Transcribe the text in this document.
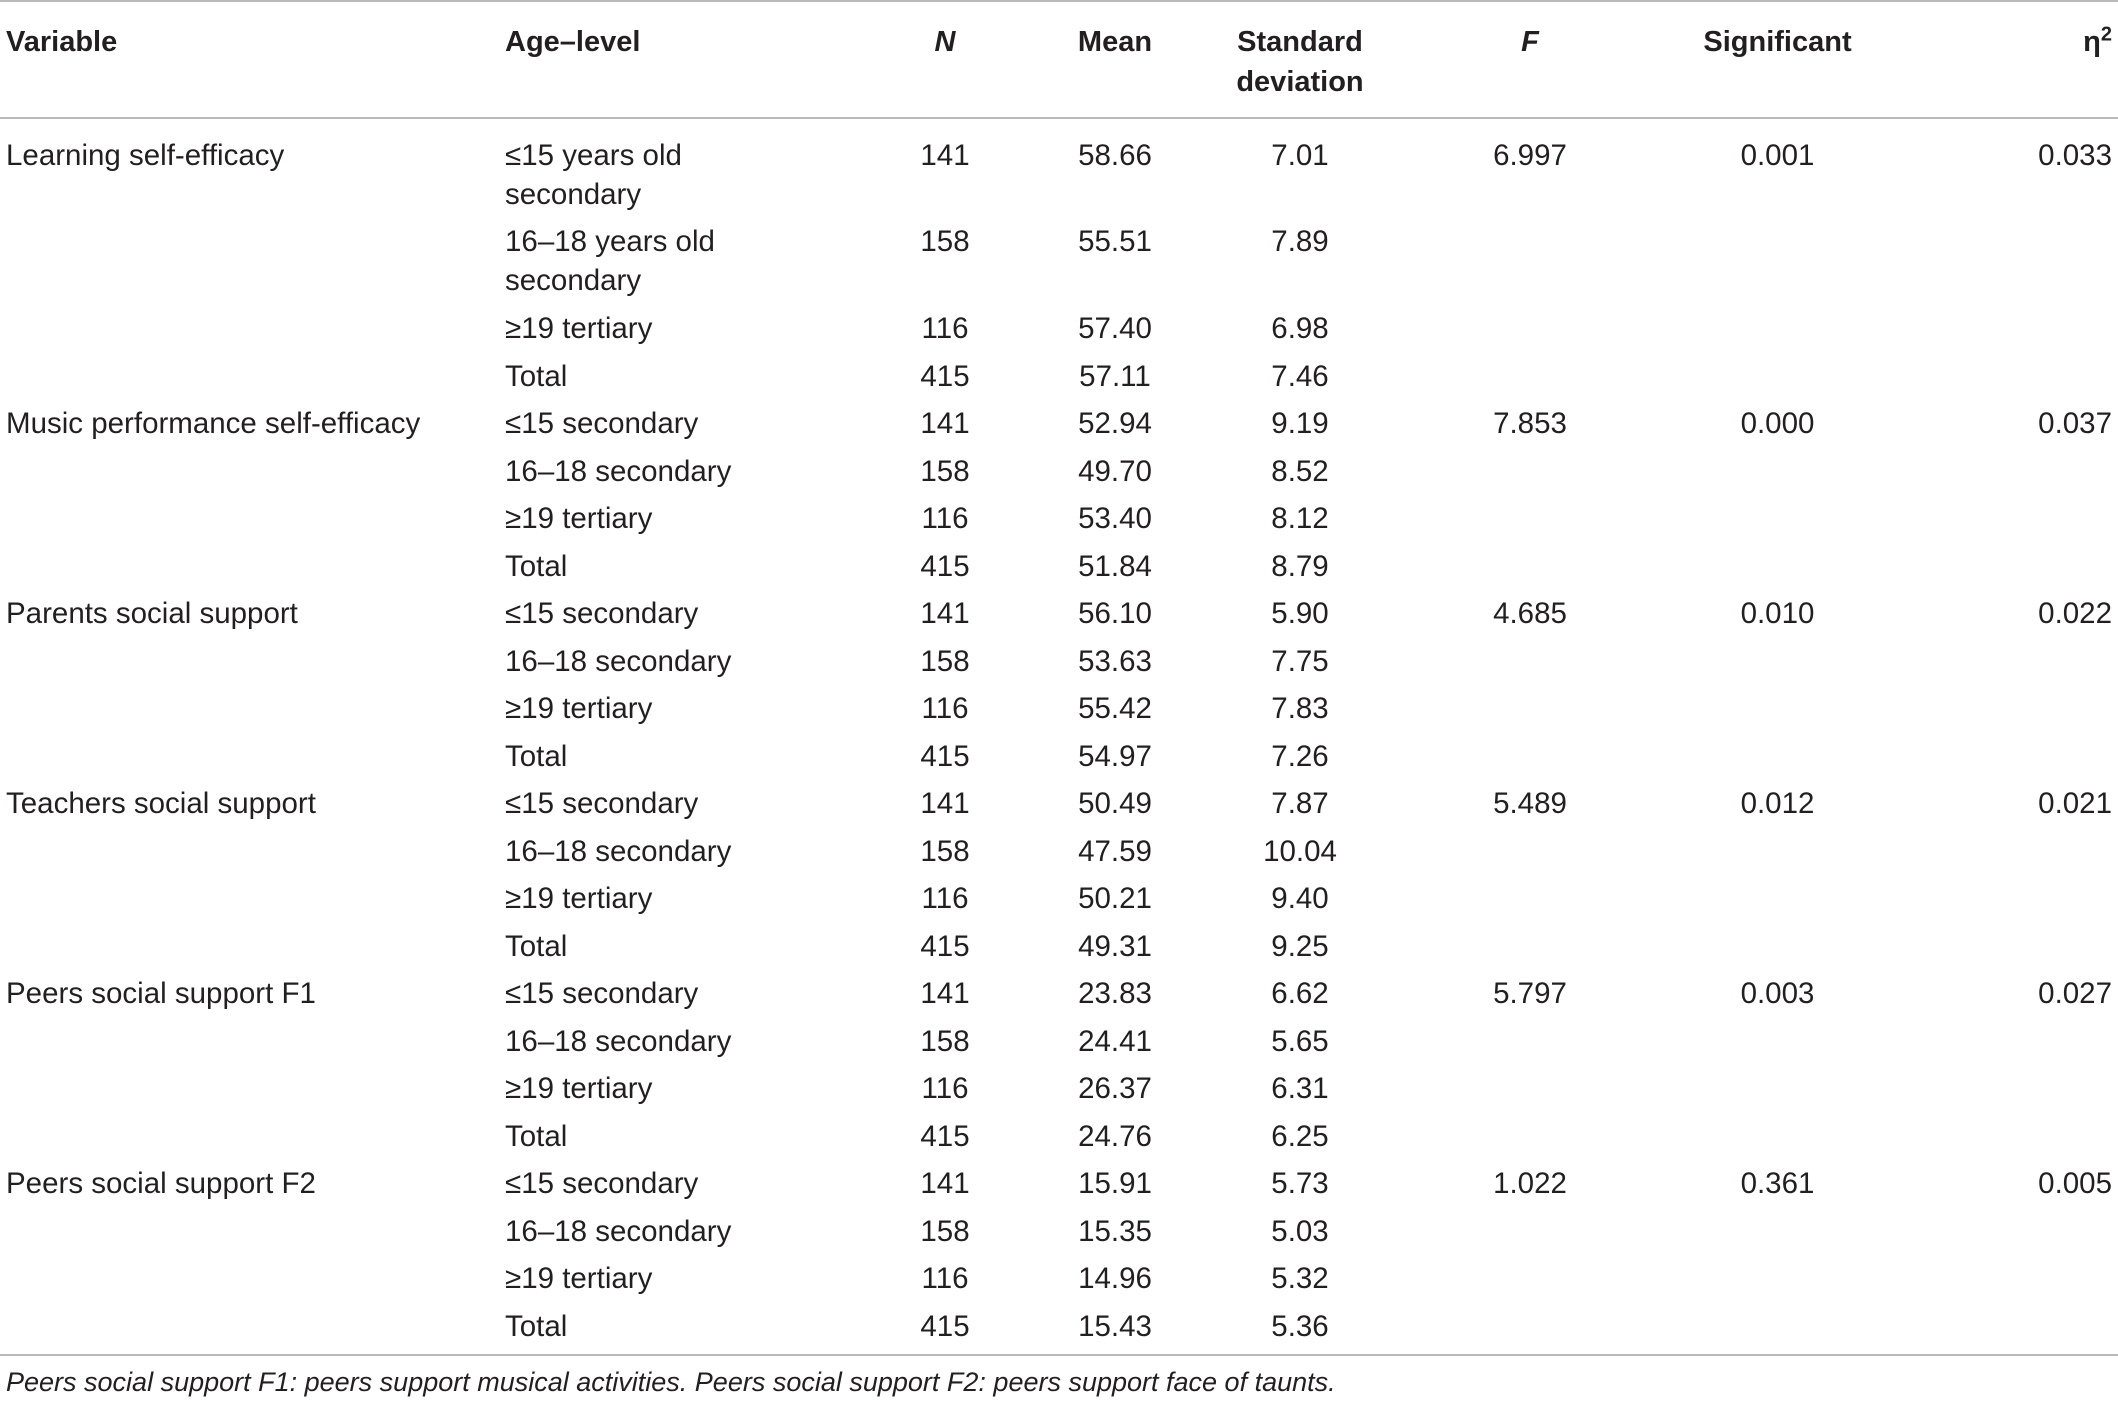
Variable	Age–level	N	Mean	Standard
deviation	F	Significant	$\eta^2$
Learning self-efficacy	≤15 years old
secondary	141	58.66	7.01	6.997	0.001	0.033

	16–18 years old
secondary	158	55.51	7.89			

	≥19 tertiary	116	57.40	6.98			

	Total	415	57.11	7.46			
Music performance self-efficacy	≤15 secondary	141	52.94	9.19	7.853	0.000	0.037

	16–18 secondary	158	49.70	8.52			

	≥19 tertiary	116	53.40	8.12			

	Total	415	51.84	8.79			
Parents social support	≤15 secondary	141	56.10	5.90	4.685	0.010	0.022

	16–18 secondary	158	53.63	7.75			

	≥19 tertiary	116	55.42	7.83			

	Total	415	54.97	7.26			
Teachers social support	≤15 secondary	141	50.49	7.87	5.489	0.012	0.021

	16–18 secondary	158	47.59	10.04			

	≥19 tertiary	116	50.21	9.40			

	Total	415	49.31	9.25			
Peers social support F1	≤15 secondary	141	23.83	6.62	5.797	0.003	0.027

	16–18 secondary	158	24.41	5.65			

	≥19 tertiary	116	26.37	6.31			

	Total	415	24.76	6.25			
Peers social support F2	≤15 secondary	141	15.91	5.73	1.022	0.361	0.005

	16–18 secondary	158	15.35	5.03			

	≥19 tertiary	116	14.96	5.32			

	Total	415	15.43	5.36			
Peers social support F1: peers support musical activities. Peers social support F2: peers support face of taunts.
